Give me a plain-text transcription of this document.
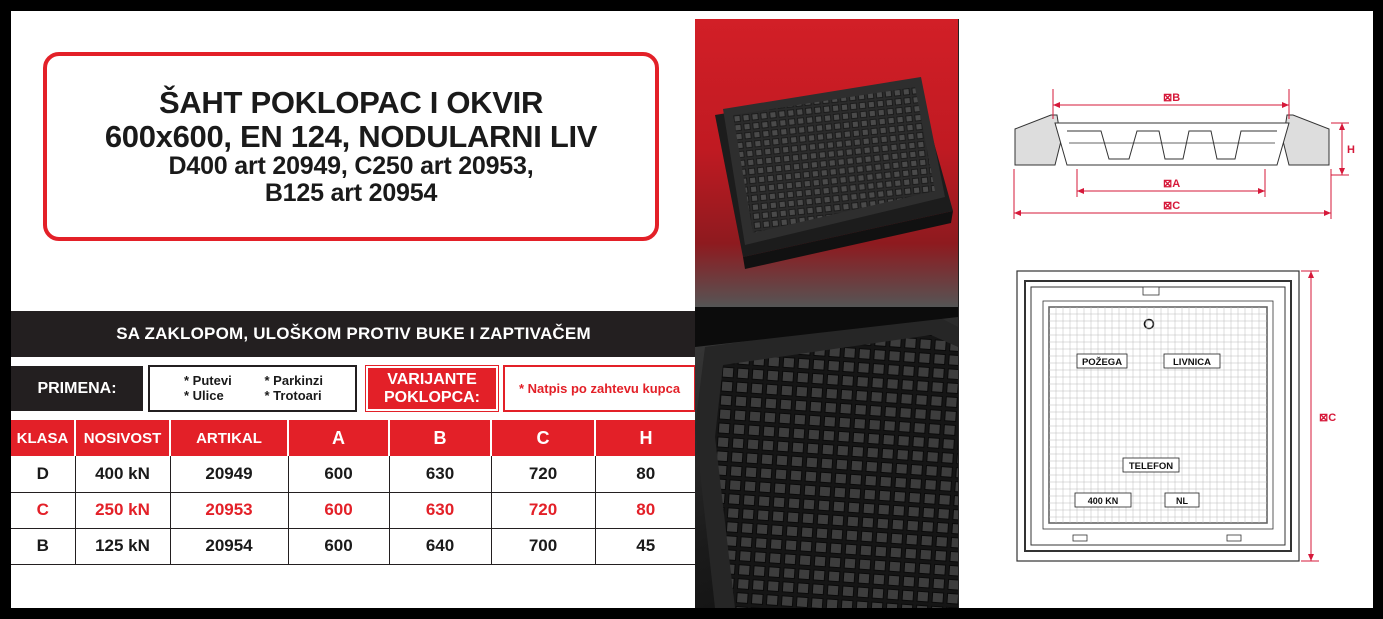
ŠAHT POKLOPAC I OKVIR
600x600, EN 124, NODULARNI LIV
D400 art 20949, C250 art 20953,
B125 art 20954
SA ZAKLOPOM, ULOŠKOM PROTIV BUKE I ZAPTIVAČEM
PRIMENA:	* Putevi	* Parkinzi
* Ulice	* Trotoari
VARIJANTE
POKLOPCA:	* Natpis po zahtevu kupca
KLASA	NOSIVOST	ARTIKAL	A	B	C	H
D	400 kN	20949	600	630	720	80
C	250 kN	20953	600	630	720	80
B	125 kN	20954	600	640	700	45
⊠B
⊠A
⊠C
H
⊠C
POŽEGA	LIVNICA
TELEFON
400 KN	NL
